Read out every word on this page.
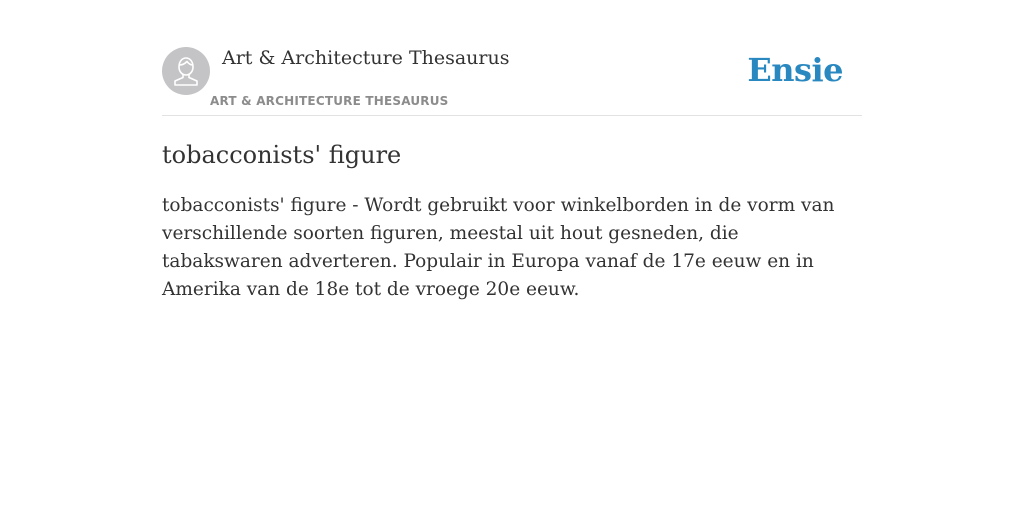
Art & Architecture Thesaurus
ART & ARCHITECTURE THESAURUS
Ensie
tobacconists' figure

tobacconists' figure - Wordt gebruikt voor winkelborden in de vorm van verschillende soorten figuren, meestal uit hout gesneden, die tabakswaren adverteren. Populair in Europa vanaf de 17e eeuw en in Amerika van de 18e tot de vroege 20e eeuw.
